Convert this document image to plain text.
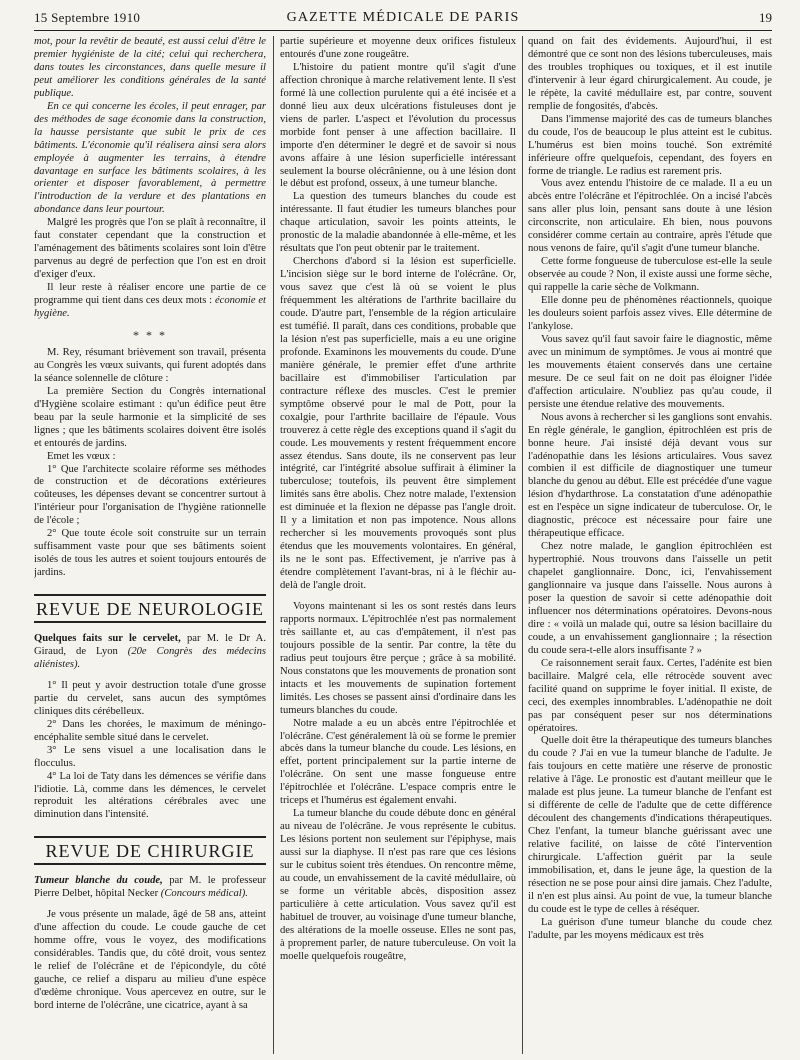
15 Septembre 1910	GAZETTE MÉDICALE DE PARIS	19

mot, pour la revêtir de beauté, est aussi celui d'être le premier hygiéniste de la cité; celui qui recherchera, dans toutes les circonstances, dans quelle mesure il peut améliorer les conditions générales de la santé publique.

En ce qui concerne les écoles, il peut enrager, par des méthodes de sage économie dans la construction, la hausse persistante que subit le prix de ces bâtiments. L'économie qu'il réalisera ainsi sera alors employée à augmenter les terrains, à étendre davantage en surface les bâtiments scolaires, à les orienter et disposer favorablement, à permettre l'introduction de la verdure et des plantations en abondance dans leur pourtour.

Malgré les progrès que l'on se plaît à reconnaître, il faut constater cependant que la construction et l'aménagement des bâtiments scolaires sont loin d'être parvenus au degré de perfection que l'on est en droit d'exiger d'eux.

Il leur reste à réaliser encore une partie de ce programme qui tient dans ces deux mots : économie et hygiène.

* * *

M. Rey, résumant brièvement son travail, présenta au Congrès les vœux suivants, qui furent adoptés dans la séance solennelle de clôture :

La première Section du Congrès international d'Hygiène scolaire estimant : qu'un édifice peut être beau par la seule harmonie et la simplicité de ses lignes ; que les bâtiments scolaires doivent être isolés et entourés de jardins.

Emet les vœux :

1° Que l'architecte scolaire réforme ses méthodes de construction et de décorations extérieures coûteuses, les dépenses devant se concentrer surtout à l'intérieur pour l'organisation de l'hygiène rationnelle de l'école ;

2° Que toute école soit construite sur un terrain suffisamment vaste pour que ses bâtiments soient isolés de tous les autres et soient toujours entourés de jardins.

REVUE DE NEUROLOGIE

Quelques faits sur le cervelet, par M. le Dr A. Giraud, de Lyon (20e Congrès des médecins aliénistes).

1° Il peut y avoir destruction totale d'une grosse partie du cervelet, sans aucun des symptômes cliniques dits cérébelleux.

2° Dans les chorées, le maximum de méningo-encéphalite semble situé dans le cervelet.

3° Le sens visuel a une localisation dans le flocculus.

4° La loi de Taty dans les démences se vérifie dans l'idiotie. Là, comme dans les démences, le cervelet reproduit les altérations cérébrales avec une diminution dans l'intensité.

REVUE DE CHIRURGIE

Tumeur blanche du coude, par M. le professeur Pierre Delbet, hôpital Necker (Concours médical).

Je vous présente un malade, âgé de 58 ans, atteint d'une affection du coude. Le coude gauche de cet homme offre, vous le voyez, des modifications considérables. Tandis que, du côté droit, vous sentez le relief de l'olécrâne et de l'épicondyle, du côté gauche, ce relief a disparu au milieu d'une espèce d'œdème chronique. Vous apercevez en outre, sur le bord interne de l'olécrâne, une cicatrice, ayant à sa

partie supérieure et moyenne deux orifices fistuleux entourés d'une zone rougeâtre.

L'histoire du patient montre qu'il s'agit d'une affection chronique à marche relativement lente. Il s'est formé là une collection purulente qui a été incisée et a donné lieu aux deux ulcérations fistuleuses dont je viens de parler. L'aspect et l'évolution du processus morbide font penser à une affection bacillaire. Il importe d'en déterminer le degré et de savoir si nous avons affaire à une lésion superficielle intéressant seulement la bourse olécrânienne, ou à une lésion dont le début est profond, osseux, à une tumeur blanche.

La question des tumeurs blanches du coude est intéressante. Il faut étudier les tumeurs blanches pour chaque articulation, savoir les points atteints, le pronostic de la maladie abandonnée à elle-même, et les résultats que l'on peut obtenir par le traitement.

Cherchons d'abord si la lésion est superficielle. L'incision siège sur le bord interne de l'olécrâne. Or, vous savez que c'est là où se voient le plus fréquemment les altérations de l'arthrite bacillaire du coude. D'autre part, l'ensemble de la région articulaire est tuméfié. Il paraît, dans ces conditions, probable que la lésion n'est pas superficielle, mais a eu une origine profonde. Examinons les mouvements du coude. D'une manière générale, le premier effet d'une arthrite bacillaire est d'immobiliser l'articulation par contracture réflexe des muscles. C'est le premier symptôme observé pour le mal de Pott, pour la coxalgie, pour l'arthrite bacillaire de l'épaule. Vous trouverez à cette règle des exceptions quand il s'agit du coude. Les mouvements y restent fréquemment encore assez étendus. Sans doute, ils ne conservent pas leur intégrité, car l'intégrité absolue suffirait à éliminer la tuberculose; toutefois, ils peuvent être simplement limités sans être abolis. Chez notre malade, l'extension est diminuée et la flexion ne dépasse pas l'angle droit. Il y a limitation et non pas impotence. Nous allons rechercher si les mouvements provoqués sont plus étendus que les mouvements volontaires. En général, ils ne le sont pas. Effectivement, je n'arrive pas à étendre complètement l'avant-bras, ni à le fléchir au-delà de l'angle droit.

Voyons maintenant si les os sont restés dans leurs rapports normaux. L'épitrochlée n'est pas normalement très saillante et, au cas d'empâtement, il n'est pas toujours possible de la sentir. Par contre, la tête du radius peut toujours être perçue ; grâce à sa mobilité. Nous constatons que les mouvements de pronation sont intacts et les mouvements de supination fortement limités. Les choses se passent ainsi d'ordinaire dans les tumeurs blanches du coude.

Notre malade a eu un abcès entre l'épitrochlée et l'olécrâne. C'est généralement là où se forme le premier abcès dans la tumeur blanche du coude. Les lésions, en effet, portent principalement sur la partie interne de l'olécrâne. On sent une masse fongueuse entre l'épitrochlée et l'olécrâne. L'espace compris entre le triceps et l'humérus est également envahi.

La tumeur blanche du coude débute donc en général au niveau de l'olécrâne. Je vous représente le cubitus. Les lésions portent non seulement sur l'épiphyse, mais aussi sur la diaphyse. Il n'est pas rare que ces lésions sur le cubitus soient très étendues. On rencontre même, au coude, un envahissement de la cavité médullaire, où se forme un véritable abcès, disposition assez particulière à cette articulation. Vous savez qu'il est habituel de trouver, au voisinage d'une tumeur blanche, des altérations de la moelle osseuse. Elles ne sont pas, à proprement parler, de nature tuberculeuse. On voit la moelle quelquefois rougeâtre,

quand on fait des évidements. Aujourd'hui, il est démontré que ce sont non des lésions tuberculeuses, mais des troubles trophiques ou toxiques, et il est inutile d'intervenir à leur égard chirurgicalement. Au coude, je le répète, la cavité médullaire est, par contre, souvent remplie de fongosités, d'abcès.

Dans l'immense majorité des cas de tumeurs blanches du coude, l'os de beaucoup le plus atteint est le cubitus. L'humérus est bien moins touché. Son extrémité inférieure offre quelquefois, cependant, des foyers en forme de triangle. Le radius est rarement pris.

Vous avez entendu l'histoire de ce malade. Il a eu un abcès entre l'olécrâne et l'épitrochlée. On a incisé l'abcès sans aller plus loin, pensant sans doute à une lésion circonscrite, non articulaire. Eh bien, nous pouvons considérer comme certain au contraire, après l'étude que nous venons de faire, qu'il s'agit d'une tumeur blanche.

Cette forme fongueuse de tuberculose est-elle la seule observée au coude ? Non, il existe aussi une forme sèche, qui rappelle la carie sèche de Volkmann.

Elle donne peu de phénomènes réactionnels, quoique les douleurs soient parfois assez vives. Elle détermine de l'ankylose.

Vous savez qu'il faut savoir faire le diagnostic, même avec un minimum de symptômes. Je vous ai montré que les mouvements étaient conservés dans une certaine mesure. De ce seul fait on ne doit pas éloigner l'idée d'affection articulaire. N'oubliez pas qu'au coude, il persiste une étendue relative des mouvements.

Nous avons à rechercher si les ganglions sont envahis. En règle générale, le ganglion, épitrochléen est pris de bonne heure. J'ai insisté déjà devant vous sur l'adénopathie dans les lésions articulaires. Vous savez combien il est difficile de diagnostiquer une tumeur blanche du genou au début. Elle est précédée d'une vague lésion d'hydarthrose. La constatation d'une adénopathie est en l'espèce un signe indicateur de tuberculose. Or, le diagnostic, précoce est nécessaire pour faire une thérapeutique efficace.

Chez notre malade, le ganglion épitrochléen est hypertrophié. Nous trouvons dans l'aisselle un petit chapelet ganglionnaire. Donc, ici, l'envahissement ganglionnaire va jusque dans l'aisselle. Nous aurons à poser la question de savoir si cette adénopathie doit influencer nos déterminations opératoires. Devons-nous dire : « voilà un malade qui, outre sa lésion bacillaire du coude, a un envahissement ganglionnaire ; la résection du coude sera-t-elle alors insuffisante ? »

Ce raisonnement serait faux. Certes, l'adénite est bien bacillaire. Malgré cela, elle rétrocède souvent avec facilité quand on supprime le foyer initial. Il existe, de ceci, des exemples innombrables. L'adénopathie ne doit pas par conséquent peser sur nos déterminations opératoires.

Quelle doit être la thérapeutique des tumeurs blanches du coude ? J'ai en vue la tumeur blanche de l'adulte. Je fais toujours en cette matière une réserve de pronostic relative à l'âge. Le pronostic est d'autant meilleur que le malade est plus jeune. La tumeur blanche de l'enfant est si différente de celle de l'adulte que de cette différence découlent des changements d'indications thérapeutiques. Chez l'enfant, la tumeur blanche guérissant avec une relative facilité, on laisse de côté l'intervention chirurgicale. L'affection guérit par la seule immobilisation, et, dans le jeune âge, la question de la résection ne se pose pour ainsi dire jamais. Chez l'adulte, il n'en est plus ainsi. Au point de vue, la tumeur blanche du coude est le type de celles à réséquer.

La guérison d'une tumeur blanche du coude chez l'adulte, par les moyens médicaux est très
